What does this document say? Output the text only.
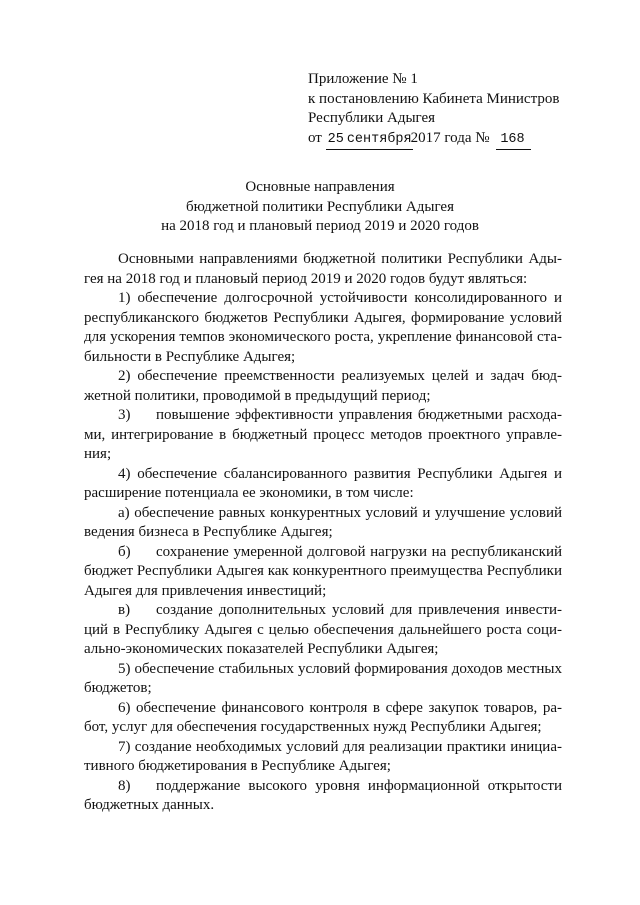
Приложение № 1
к постановлению Кабинета Министров
Республики Адыгея
от 25 сентября2017 года № 168
Основные направления
бюджетной политики Республики Адыгея
на 2018 год и плановый период 2019 и 2020 годов

Основными направлениями бюджетной политики Республики Адыгея на 2018 год и плановый период 2019 и 2020 годов будут являться:

1) обеспечение долгосрочной устойчивости консолидированного и республиканского бюджетов Республики Адыгея, формирование условий для ускорения темпов экономического роста, укрепление финансовой стабильности в Республике Адыгея;

2) обеспечение преемственности реализуемых целей и задач бюджетной политики, проводимой в предыдущий период;

3) повышение эффективности управления бюджетными расходами, интегрирование в бюджетный процесс методов проектного управления;

4) обеспечение сбалансированного развития Республики Адыгея и расширение потенциала ее экономики, в том числе:

а) обеспечение равных конкурентных условий и улучшение условий ведения бизнеса в Республике Адыгея;

б) сохранение умеренной долговой нагрузки на республиканский бюджет Республики Адыгея как конкурентного преимущества Республики Адыгея для привлечения инвестиций;

в) создание дополнительных условий для привлечения инвестиций в Республику Адыгея с целью обеспечения дальнейшего роста социально-экономических показателей Республики Адыгея;

5) обеспечение стабильных условий формирования доходов местных бюджетов;

6) обеспечение финансового контроля в сфере закупок товаров, работ, услуг для обеспечения государственных нужд Республики Адыгея;

7) создание необходимых условий для реализации практики инициативного бюджетирования в Республике Адыгея;

8) поддержание высокого уровня информационной открытости бюджетных данных.
